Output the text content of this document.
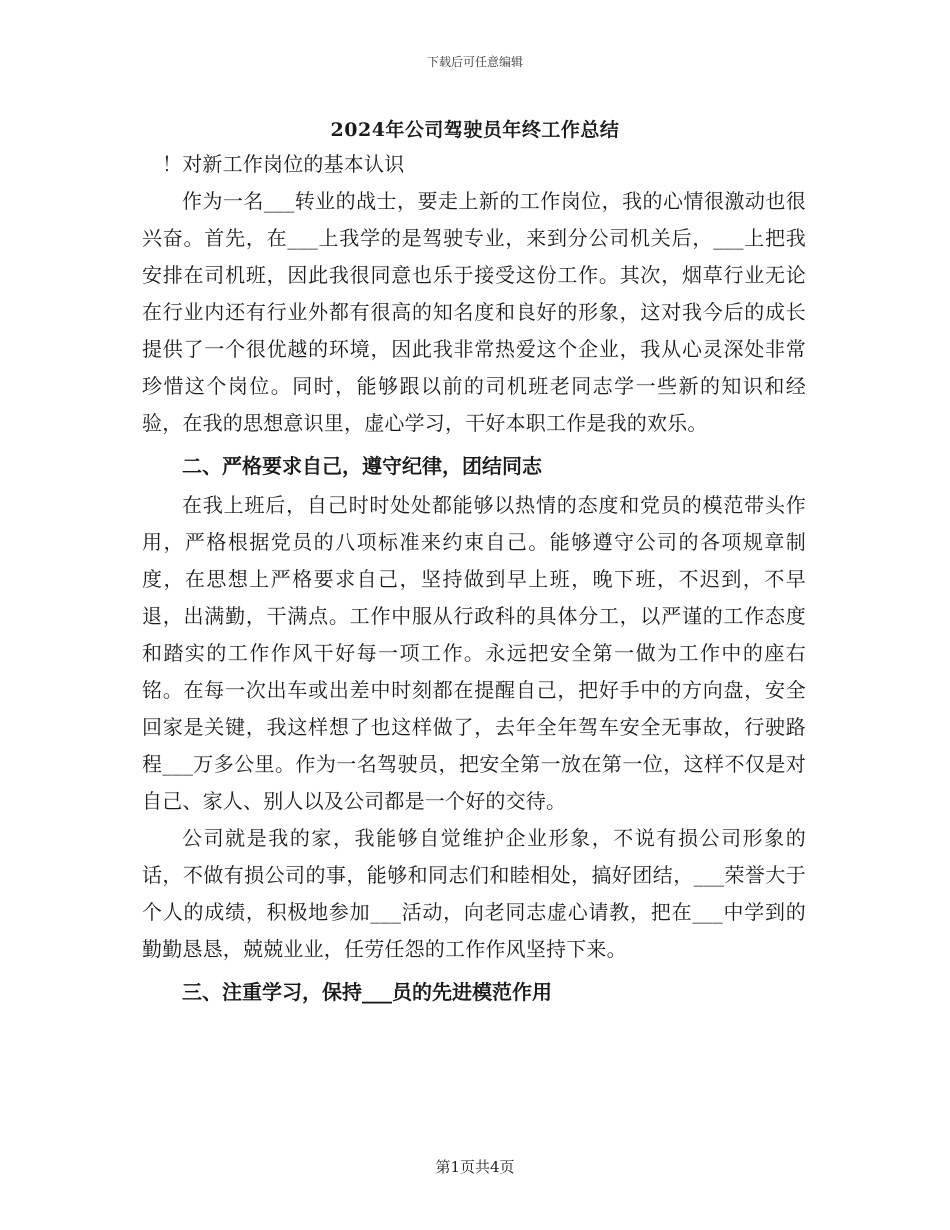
下载后可任意编辑
2024年公司驾驶员年终工作总结

！对新工作岗位的基本认识

作为一名___转业的战士，要走上新的工作岗位，我的心情很激动也很兴奋。首先，在___上我学的是驾驶专业，来到分公司机关后，___上把我安排在司机班，因此我很同意也乐于接受这份工作。其次，烟草行业无论在行业内还有行业外都有很高的知名度和良好的形象，这对我今后的成长提供了一个很优越的环境，因此我非常热爱这个企业，我从心灵深处非常珍惜这个岗位。同时，能够跟以前的司机班老同志学一些新的知识和经验，在我的思想意识里，虚心学习，干好本职工作是我的欢乐。

二、严格要求自己，遵守纪律，团结同志

在我上班后，自己时时处处都能够以热情的态度和党员的模范带头作用，严格根据党员的八项标准来约束自己。能够遵守公司的各项规章制度，在思想上严格要求自己，坚持做到早上班，晚下班，不迟到，不早退，出满勤，干满点。工作中服从行政科的具体分工，以严谨的工作态度和踏实的工作作风干好每一项工作。永远把安全第一做为工作中的座右铭。在每一次出车或出差中时刻都在提醒自己，把好手中的方向盘，安全回家是关键，我这样想了也这样做了，去年全年驾车安全无事故，行驶路程___万多公里。作为一名驾驶员，把安全第一放在第一位，这样不仅是对自己、家人、别人以及公司都是一个好的交待。

公司就是我的家，我能够自觉维护企业形象，不说有损公司形象的话，不做有损公司的事，能够和同志们和睦相处，搞好团结，___荣誉大于个人的成绩，积极地参加___活动，向老同志虚心请教，把在___中学到的勤勤恳恳，兢兢业业，任劳任怨的工作作风坚持下来。

三、注重学习，保持___员的先进模范作用
第1页共4页
